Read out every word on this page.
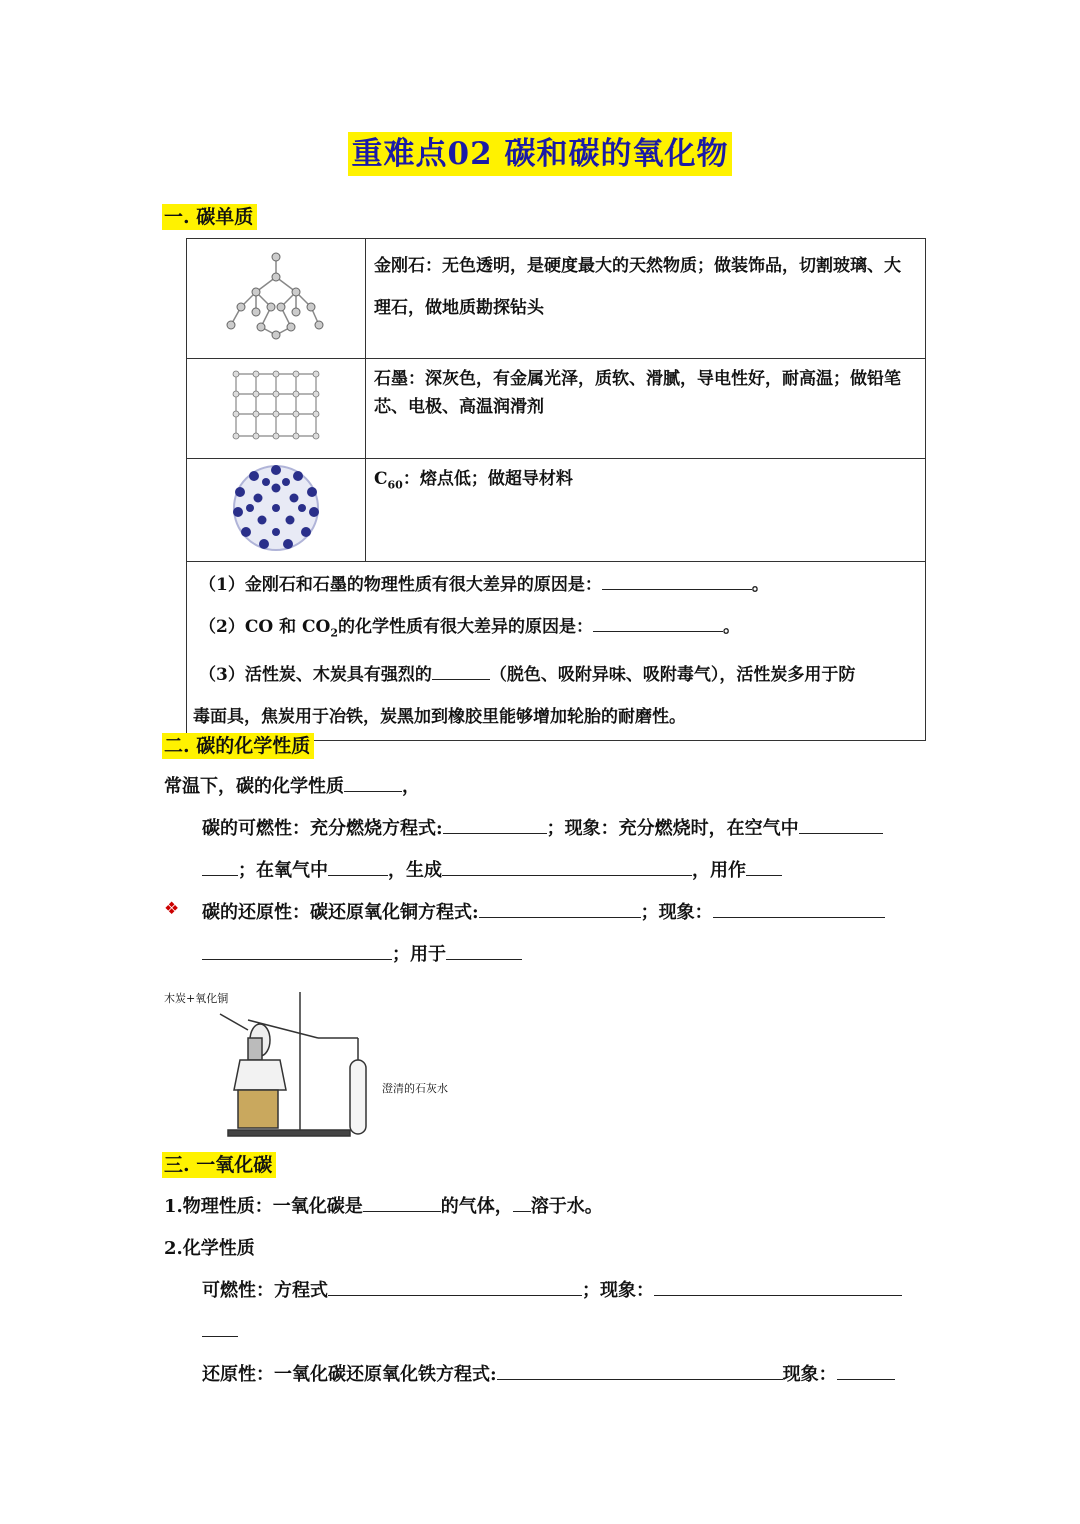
重难点02 碳和碳的氧化物
一. 碳单质
	金刚石：无色透明，是硬度最大的天然物质；做装饰品，切割玻璃、大理石，做地质勘探钻头
	石墨：深灰色，有金属光泽，质软、滑腻，导电性好，耐高温；做铅笔芯、电极、高温润滑剂
	$C_{60}$：熔点低；做超导材料

（1）金刚石和石墨的物理性质有很大差异的原因是： 。
（2）CO 和 $CO_2$的化学性质有很大差异的原因是： 。
（3）活性炭、木炭具有强烈的 （脱色、吸附异味、吸附毒气），活性炭多用于防
毒面具，焦炭用于冶铁，炭黑加到橡胶里能够增加轮胎的耐磨性。	
二. 碳的化学性质
常温下，碳的化学性质	，
碳的可燃性：充分燃烧方程式:	；现象：充分燃烧时，在空气中
；在氧气中	，生成	，用作
❖ 碳的还原性：碳还原氧化铜方程式:	；现象：
；用于
木炭+氧化铜
澄清的石灰水
三. 一氧化碳
1.物理性质：一氧化碳是	的气体， 溶于水。
2.化学性质
可燃性：方程式	；现象：
还原性：一氧化碳还原氧化铁方程式:	现象：
